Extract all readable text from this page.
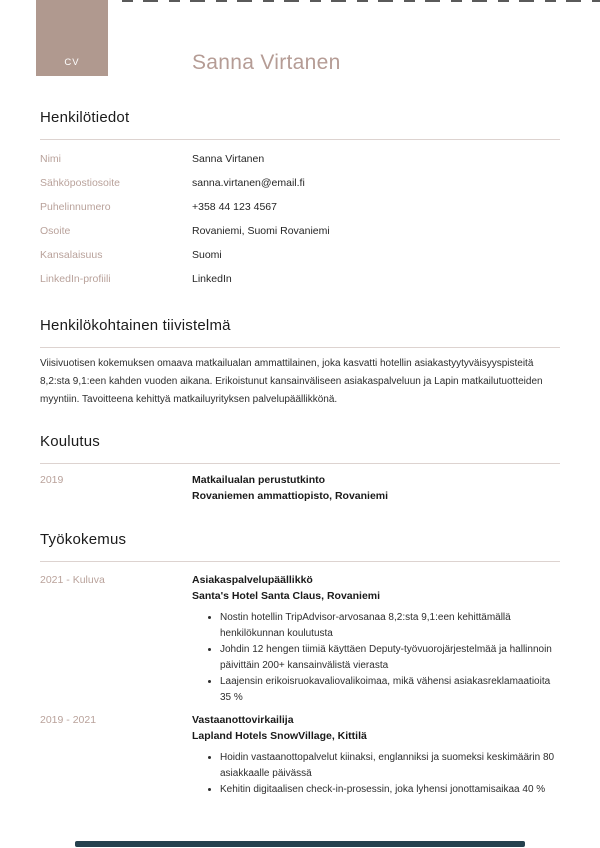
CV	Sanna Virtanen
Henkilötiedot
Nimi	Sanna Virtanen
Sähköpostiosoite	sanna.virtanen@email.fi
Puhelinnumero	+358 44 123 4567
Osoite	Rovaniemi, Suomi Rovaniemi
Kansalaisuus	Suomi
LinkedIn-profiili	LinkedIn
Henkilökohtainen tiivistelmä

Viisivuotisen kokemuksen omaava matkailualan ammattilainen, joka kasvatti hotellin asiakastyytyväisyyspisteitä 8,2:sta 9,1:een kahden vuoden aikana. Erikoistunut kansainväliseen asiakaspalveluun ja Lapin matkailutuotteiden myyntiin. Tavoitteena kehittyä matkailuyrityksen palvelupäällikkönä.

Koulutus
2019	Matkailualan perustutkinto
Rovaniemen ammattiopisto, Rovaniemi
Työkokemus
2021 - Kuluva	Asiakaspalvelupäällikkö
Santa's Hotel Santa Claus, Rovaniemi
• Nostin hotellin TripAdvisor-arvosanaa 8,2:sta 9,1:een kehittämällä henkilökunnan koulutusta
• Johdin 12 hengen tiimiä käyttäen Deputy-työvuorojärjestelmää ja hallinnoin päivittäin 200+ kansainvälistä vierasta
• Laajensin erikoisruokavaliovalikoimaa, mikä vähensi asiakasreklamaatioita 35 %
2019 - 2021	Vastaanottovirkailija
Lapland Hotels SnowVillage, Kittilä
• Hoidin vastaanottopalvelut kiinaksi, englanniksi ja suomeksi keskimäärin 80 asiakkaalle päivässä
• Kehitin digitaalisen check-in-prosessin, joka lyhensi jonottamisaikaa 40 %
